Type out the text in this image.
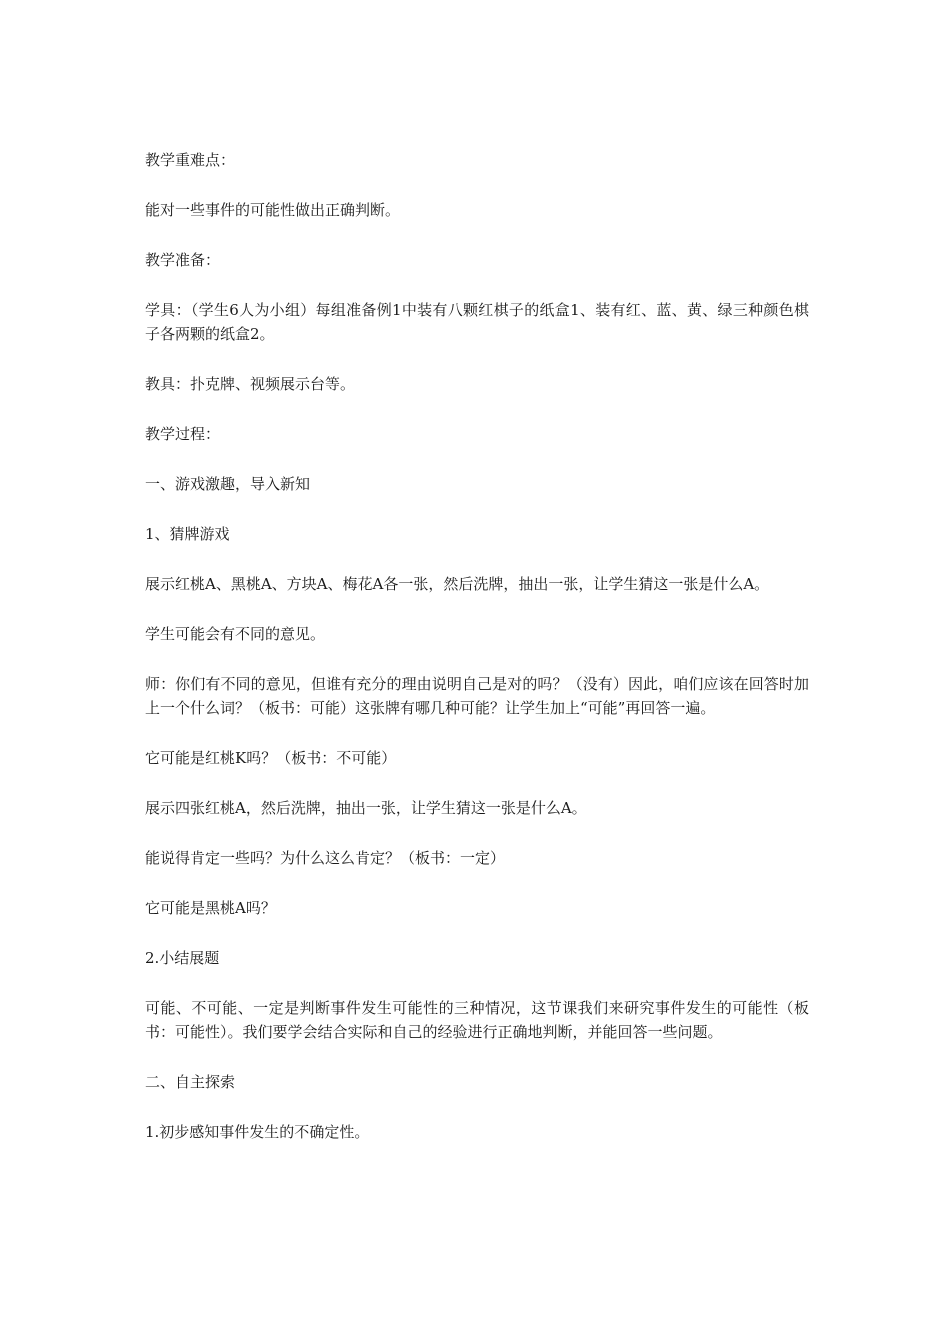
教学重难点：

能对一些事件的可能性做出正确判断。

教学准备：

学具：（学生6人为小组）每组准备例1中装有八颗红棋子的纸盒1、装有红、蓝、黄、绿三种颜色棋子各两颗的纸盒2。

教具：扑克牌、视频展示台等。

教学过程：

一、游戏激趣，导入新知

1、猜牌游戏

展示红桃A、黑桃A、方块A、梅花A各一张，然后洗牌，抽出一张，让学生猜这一张是什么A。

学生可能会有不同的意见。

师：你们有不同的意见，但谁有充分的理由说明自己是对的吗？（没有）因此，咱们应该在回答时加上一个什么词？（板书：可能）这张牌有哪几种可能？让学生加上“可能”再回答一遍。

它可能是红桃K吗？（板书：不可能）

展示四张红桃A，然后洗牌，抽出一张，让学生猜这一张是什么A。

能说得肯定一些吗？为什么这么肯定？（板书：一定）

它可能是黑桃A吗？

2.小结展题

可能、不可能、一定是判断事件发生可能性的三种情况，这节课我们来研究事件发生的可能性（板书：可能性）。我们要学会结合实际和自己的经验进行正确地判断，并能回答一些问题。

二、自主探索

1.初步感知事件发生的不确定性。
